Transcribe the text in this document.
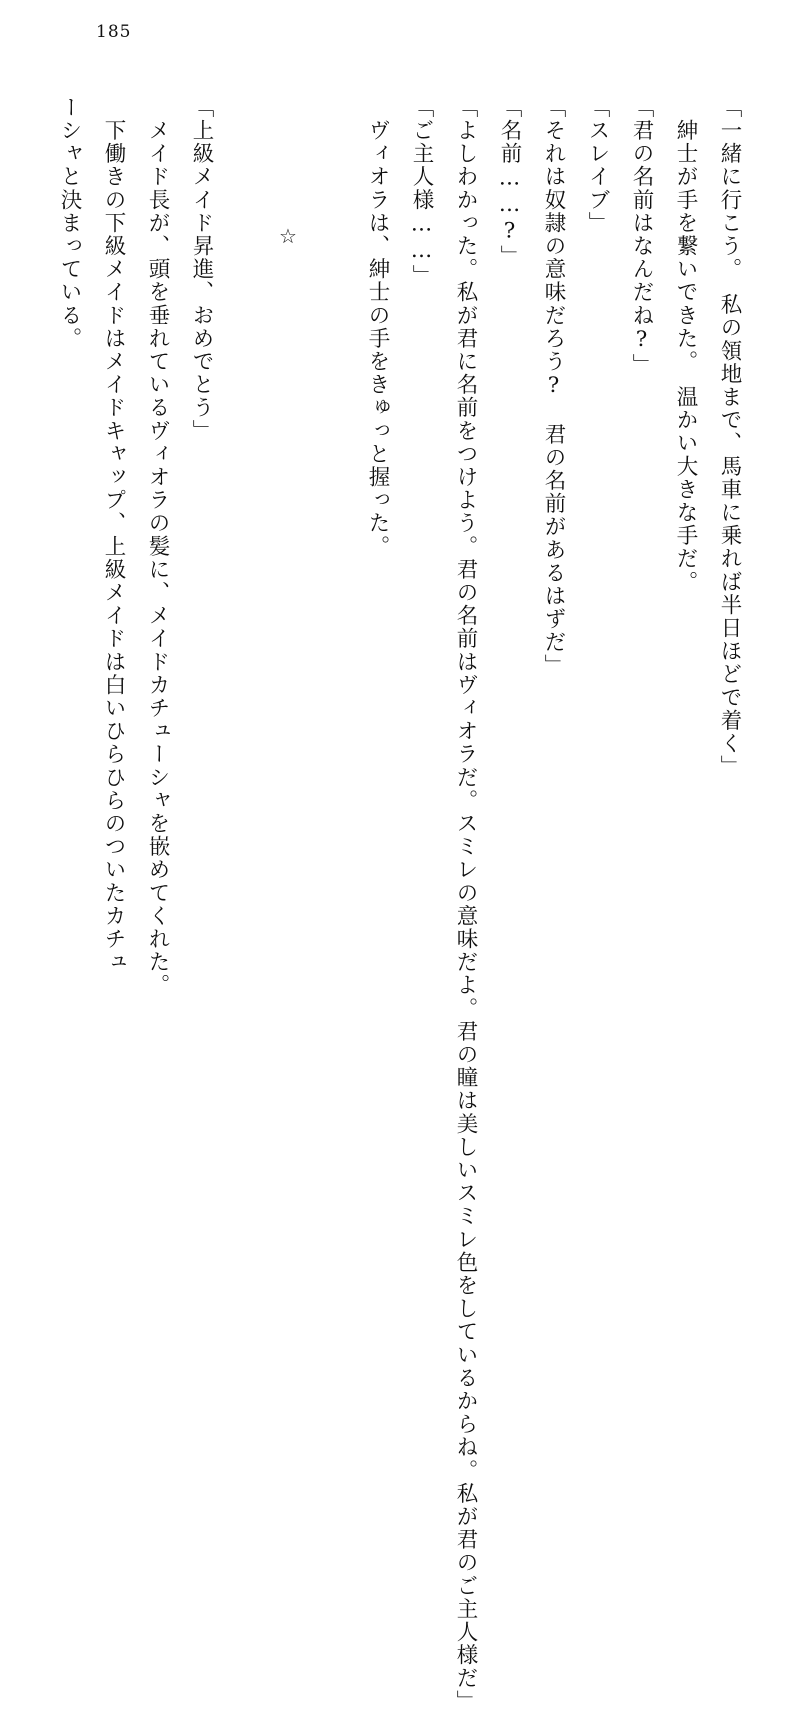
185
「一緒に行こう。　私の領地まで、馬車に乗れば半日ほどで着く」
　紳士が手を繋いできた。　温かい大きな手だ。
「君の名前はなんだね?」
「スレイブ」
「それは奴隷の意味だろう?　君の名前があるはずだ」
「名前……?」
「よしわかった。私が君に名前をつけよう。君の名前はヴィオラだ。スミレの意味だよ。君の瞳は美しいスミレ色をしているからね。私が君のご主人様だ」
「ご主人様……」
　ヴィオラは、紳士の手をきゅっと握った。
☆
「上級メイド昇進、おめでとう」
　メイド長が、頭を垂れているヴィオラの髪に、メイドカチューシャを嵌めてくれた。
　下働きの下級メイドはメイドキャップ、上級メイドは白いひらひらのついたカチュ
ーシャと決まっている。
